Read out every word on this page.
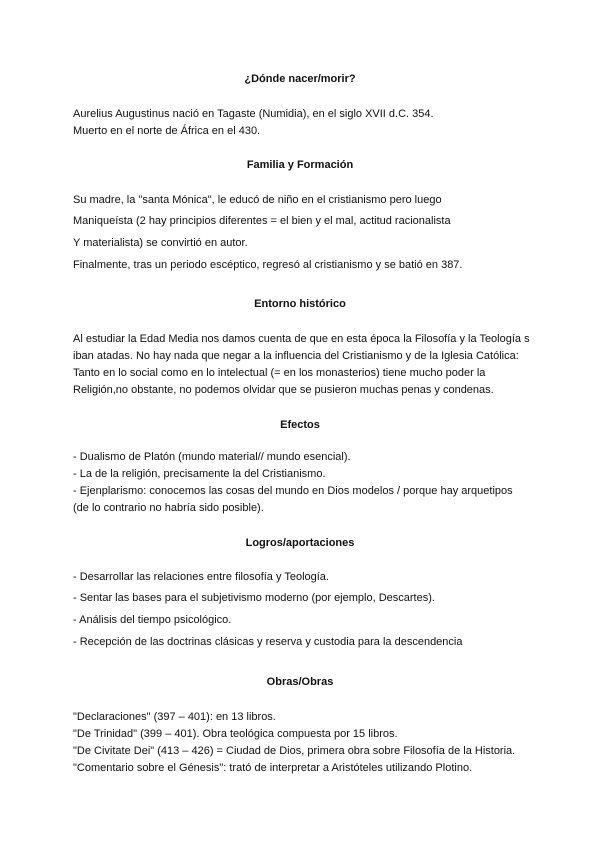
¿Dónde nacer/morir?
Aurelius Augustinus nació en Tagaste (Numidia), en el siglo XVII d.C. 354.
Muerto en el norte de África en el 430.
Familia y Formación
Su madre, la "santa Mónica", le educó de niño en el cristianismo pero luego
Maniqueísta (2 hay principios diferentes = el bien y el mal, actitud racionalista
Y materialista) se convirtió en autor.
Finalmente, tras un periodo escéptico, regresó al cristianismo y se batió en 387.
Entorno histórico
Al estudiar la Edad Media nos damos cuenta de que en esta época la Filosofía y la Teología s
iban atadas. No hay nada que negar a la influencia del Cristianismo y de la Iglesia Católica:
Tanto en lo social como en lo intelectual (= en los monasterios) tiene mucho poder la
Religión,no obstante, no podemos olvidar que se pusieron muchas penas y condenas.
Efectos
- Dualismo de Platón (mundo material// mundo esencial).
- La de la religión, precisamente la del Cristianismo.
- Ejenplarismo: conocemos las cosas del mundo en Dios modelos / porque hay arquetipos
(de lo contrario no habría sido posible).
Logros/aportaciones
- Desarrollar las relaciones entre filosofía y Teología.
- Sentar las bases para el subjetivismo moderno (por ejemplo, Descartes).
- Análisis del tiempo psicológico.
- Recepción de las doctrinas clásicas y reserva y custodia para la descendencia
Obras/Obras
"Declaraciones" (397 – 401): en 13 libros.
"De Trinidad" (399 – 401). Obra teológica compuesta por 15 libros.
"De Civitate Dei" (413 – 426) = Ciudad de Dios, primera obra sobre Filosofía de la Historia.
"Comentario sobre el Génesis": trató de interpretar a Aristóteles utilizando Plotino.
